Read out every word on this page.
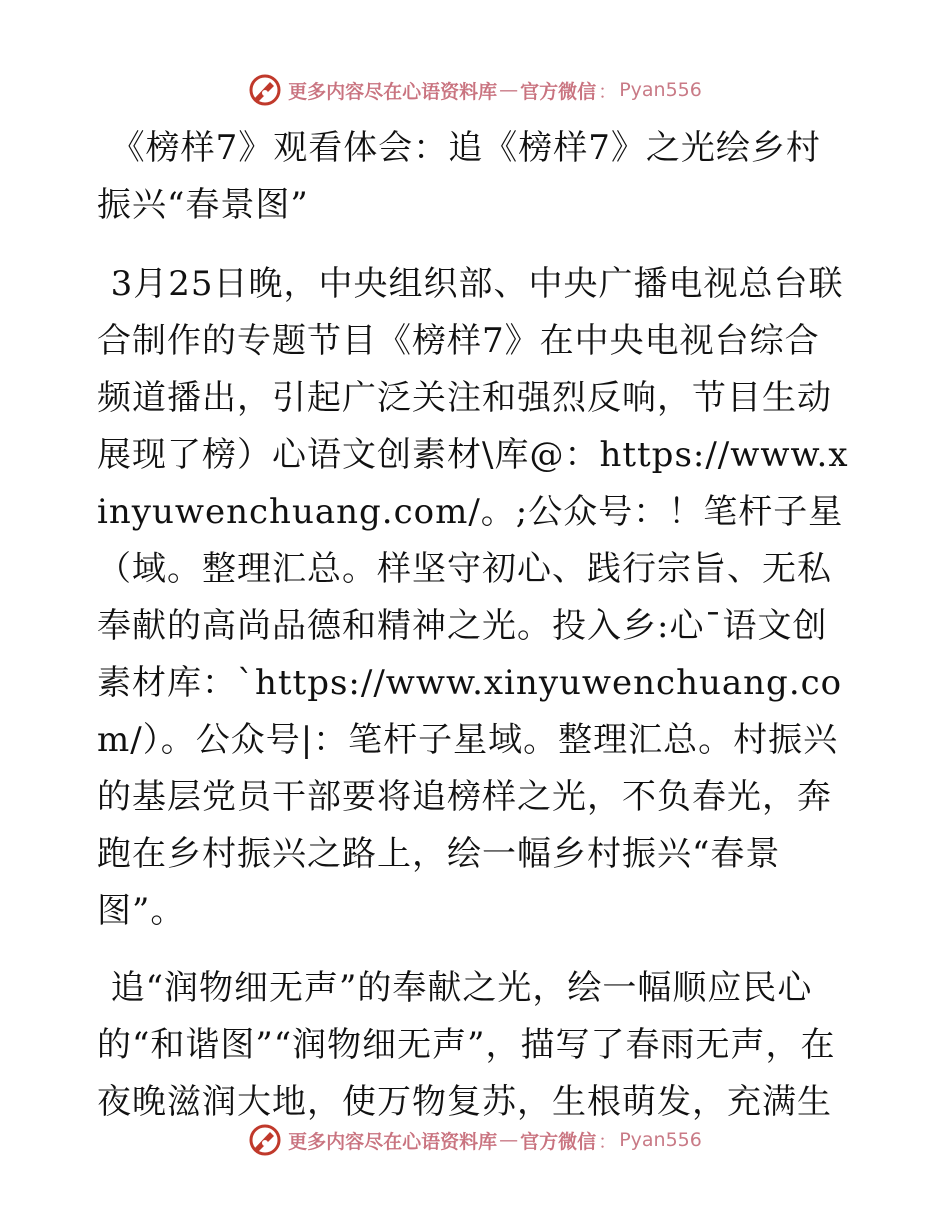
更多内容尽在心语资料库 — 官方微信 ： Pyan556

《榜样7》观看体会：追《榜样7》之光绘乡村振兴“春景图”

3月25日晚，中央组织部、中央广播电视总台联合制作的专题节目《榜样7》在中央电视台综合频道播出，引起广泛关注和强烈反响，节目生动展现了榜）心语文创素材\库@：https://www.xinyuwenchuang.com/。;公众号：！笔杆子星（域。整理汇总。样坚守初心、践行宗旨、无私奉献的高尚品德和精神之光。投入乡:心¯语文创素材库：`https://www.xinyuwenchuang.com/）。公众号|：笔杆子星域。整理汇总。村振兴的基层党员干部要将追榜样之光，不负春光，奔跑在乡村振兴之路上，绘一幅乡村振兴“春景图”。

追“润物细无声”的奉献之光，绘一幅顺应民心的“和谐图”“润物细无声”，描写了春雨无声，在夜晚滋润大地，使万物复苏，生根萌发，充满生

更多内容尽在心语资料库 — 官方微信 ： Pyan556
